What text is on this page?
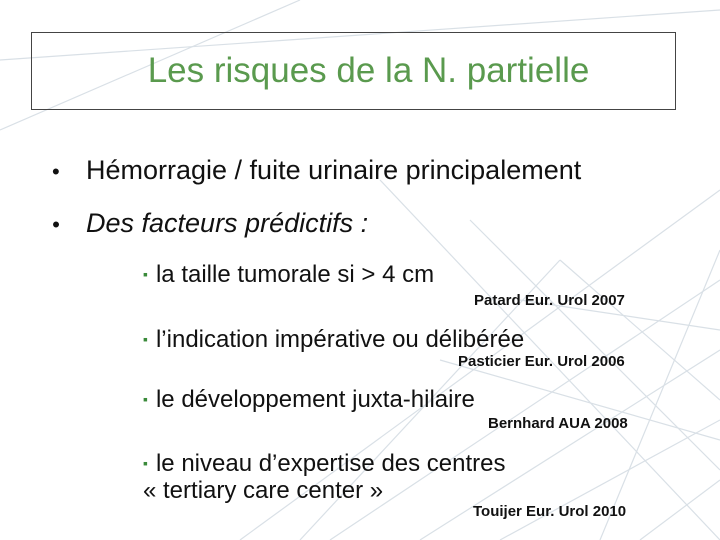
Les risques de la N. partielle
• Hémorragie / fuite urinaire principalement
• Des facteurs prédictifs :
▪ la taille tumorale si > 4 cm
Patard Eur. Urol 2007
▪ l’indication impérative ou délibérée
Pasticier Eur. Urol 2006
▪ le développement juxta-hilaire
Bernhard AUA 2008
▪ le niveau d’expertise des centres
« tertiary care center »
Touijer Eur. Urol 2010
